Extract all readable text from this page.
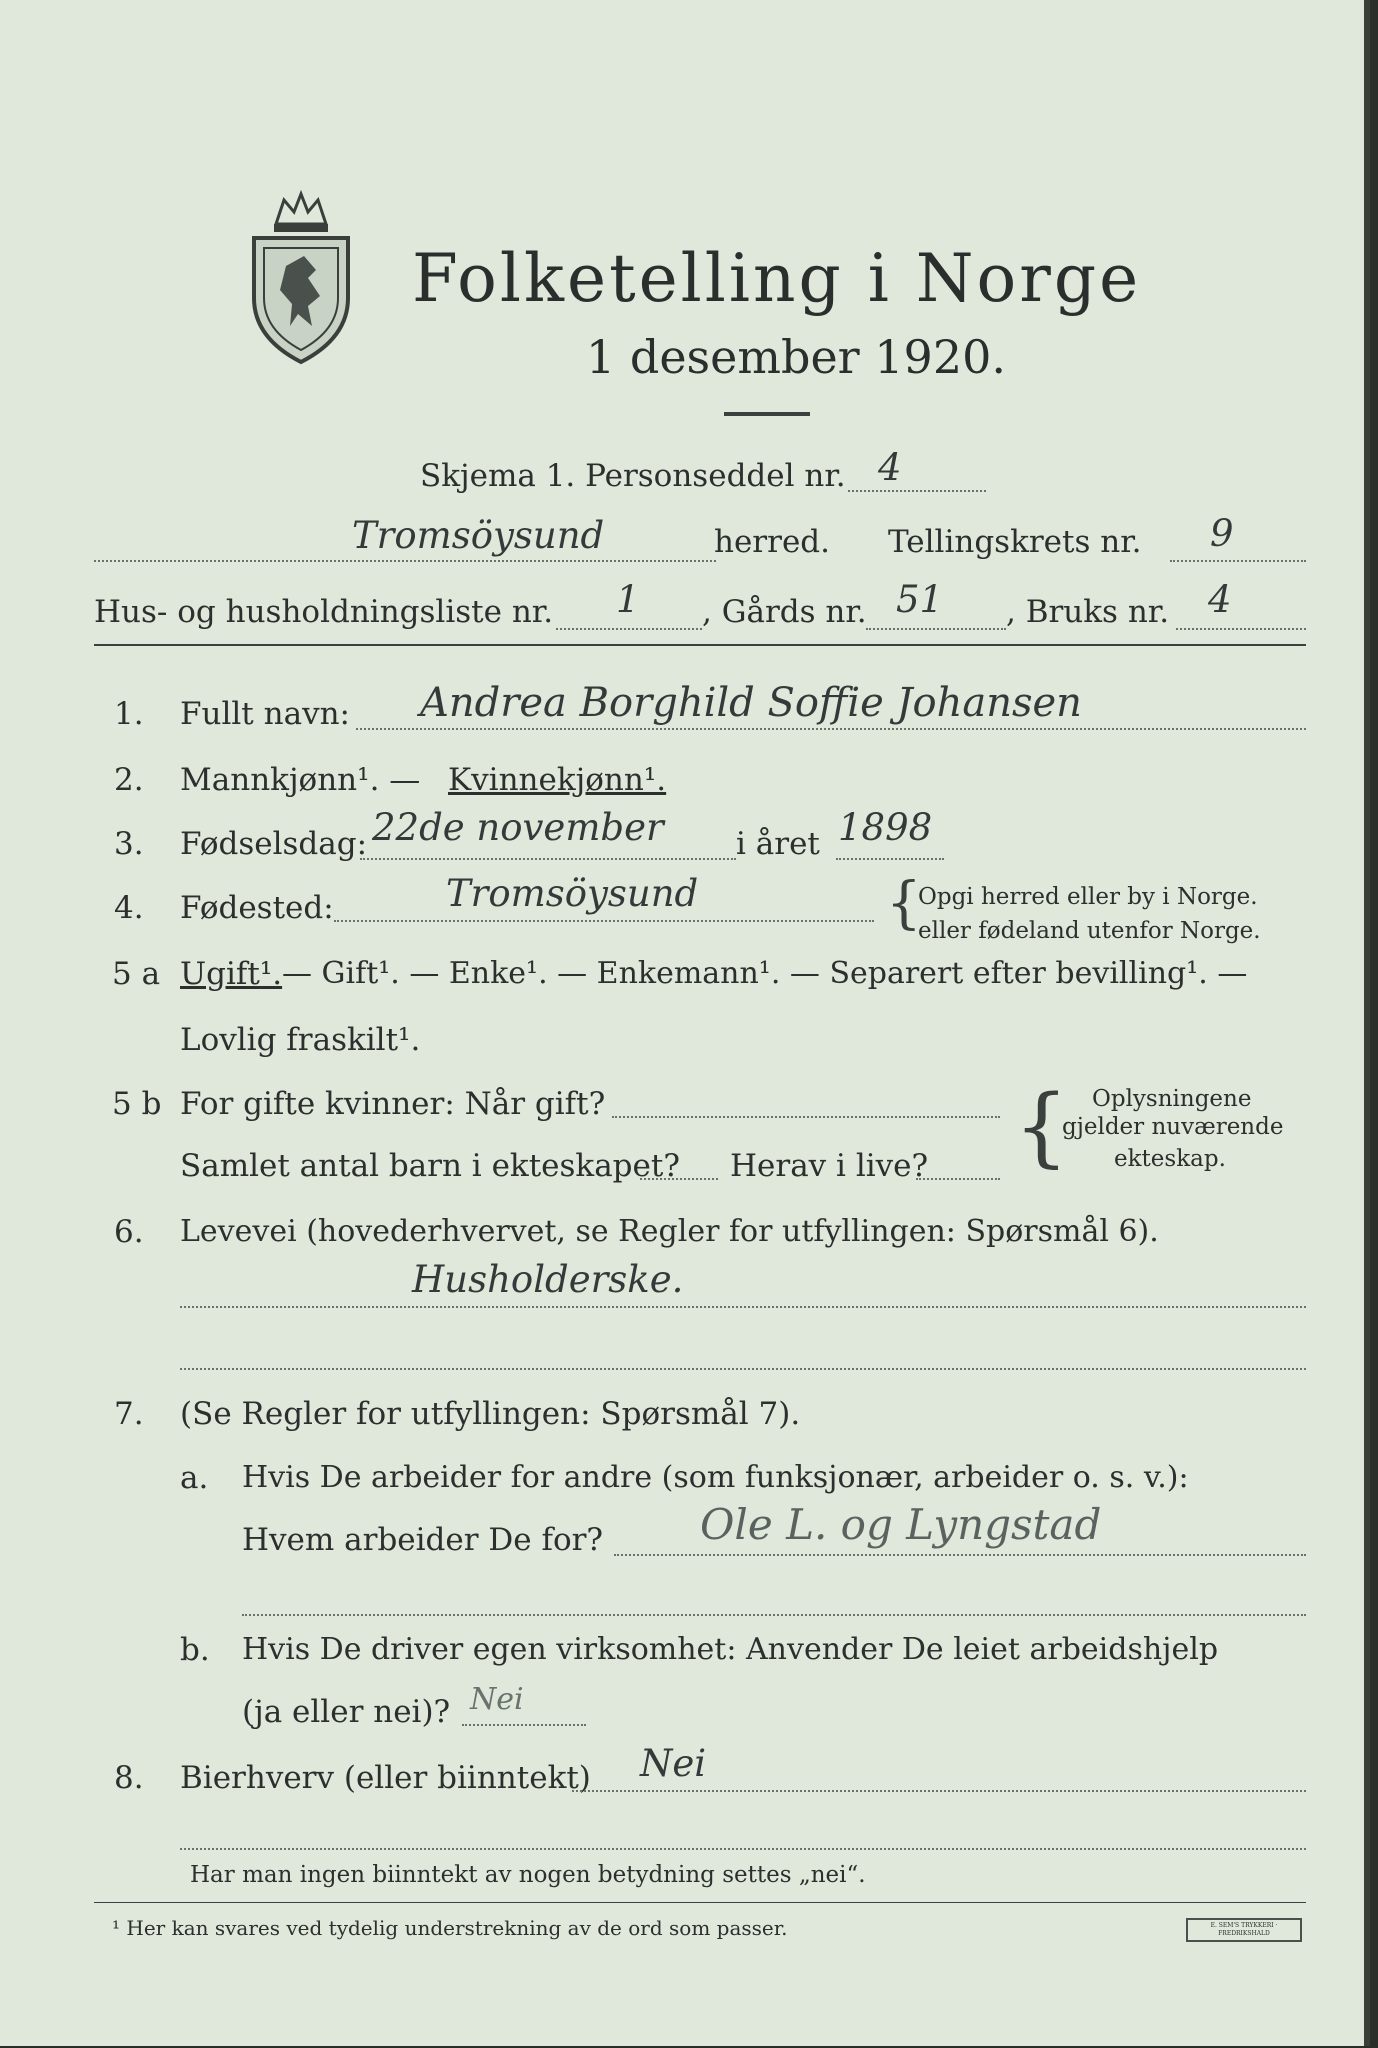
Folketelling i Norge
1 desember 1920.
Skjema 1. Personseddel nr. 4
Tromsöysund	herred. Tellingskrets nr. 9
Hus- og husholdningsliste nr. 1 , Gårds nr. 51 , Bruks nr. 4
1. Fullt navn: Andrea Borghild Soffie Johansen
2. Mannkjønn¹. — Kvinnekjønn¹.
3. Fødselsdag: 22de november i året 1898
4. Fødested:	Tromsöysund	{
Opgi herred eller by i Norge.
eller fødeland utenfor Norge.
5 a Ugift¹. — Gift¹. — Enke¹. — Enkemann¹. — Separert efter bevilling¹. —
Lovlig fraskilt¹.
5 b For gifte kvinner: Når gift?
Samlet antal barn i ekteskapet? Herav i live? { Oplysningene
gjelder nuværende
ekteskap.
6. Levevei (hovederhvervet, se Regler for utfyllingen: Spørsmål 6).
Husholderske.
7. (Se Regler for utfyllingen: Spørsmål 7).
a. Hvis De arbeider for andre (som funksjonær, arbeider o. s. v.):
Hvem arbeider De for? Ole L. og Lyngstad
b. Hvis De driver egen virksomhet: Anvender De leiet arbeidshjelp
(ja eller nei)? Nei
8. Bierhverv (eller biinntekt) Nei
Har man ingen biinntekt av nogen betydning settes „nei“.
¹ Her kan svares ved tydelig understrekning av de ord som passer.	E. SEM'S TRYKKERI · FREDRIKSHALD
